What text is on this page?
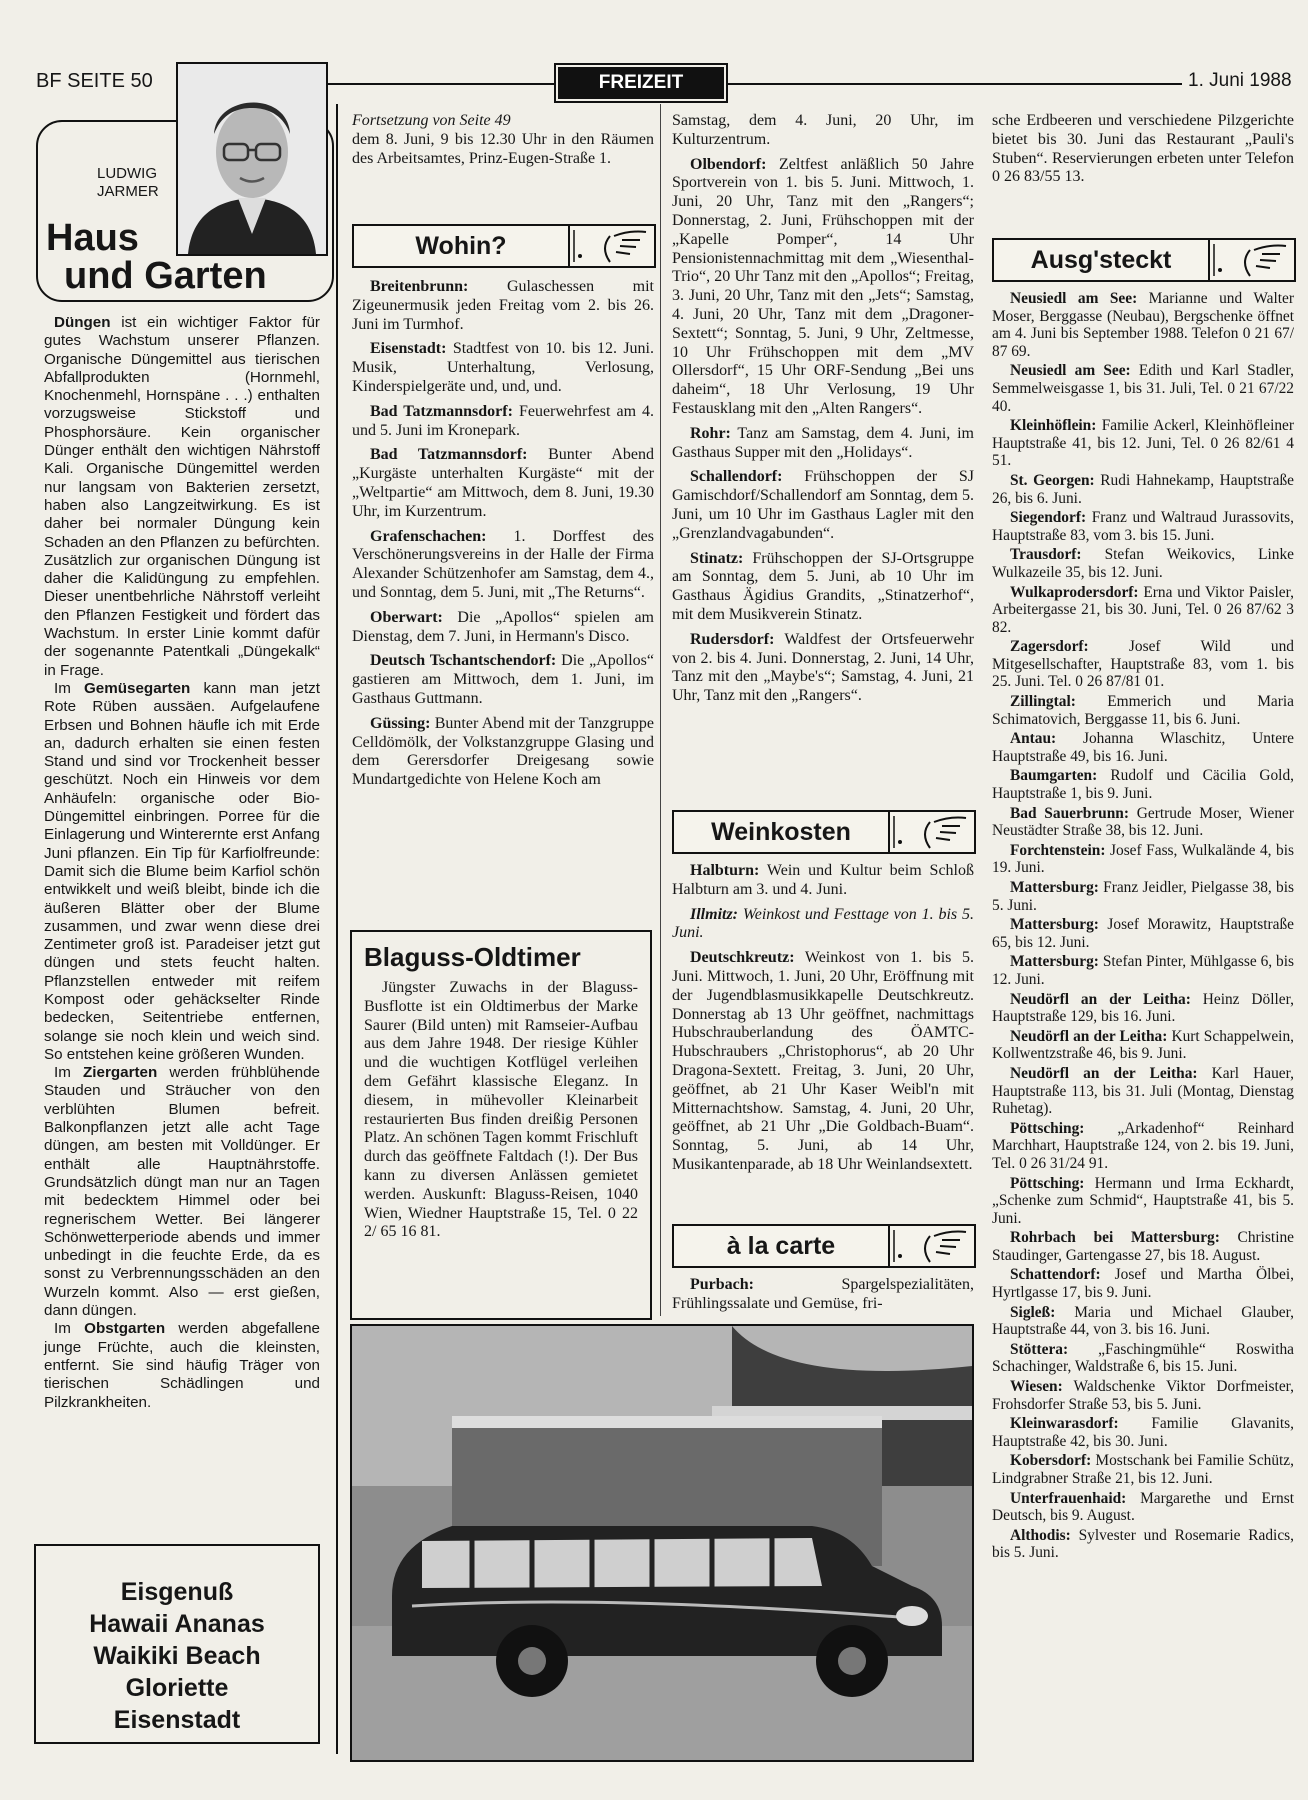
BF SEITE 50	FREIZEIT	1. Juni 1988
LUDWIG
JARMER
Haus
und Garten

Düngen ist ein wichtiger Faktor für gutes Wachstum unserer Pflanzen. Organische Düngemittel aus tierischen Abfallprodukten (Hornmehl, Knochenmehl, Hornspäne . . .) enthalten vorzugsweise Stickstoff und Phosphorsäure. Kein organischer Dünger enthält den wichtigen Nährstoff Kali. Organische Düngemittel werden nur langsam von Bakterien zersetzt, haben also Langzeitwirkung. Es ist daher bei normaler Düngung kein Schaden an den Pflanzen zu befürchten. Zusätzlich zur organischen Düngung ist daher die Kalidüngung zu empfehlen. Dieser unentbehrliche Nährstoff verleiht den Pflanzen Festigkeit und fördert das Wachstum. In erster Linie kommt dafür der sogenannte Patentkali „Düngekalk“ in Frage.

Im Gemüsegarten kann man jetzt Rote Rüben aussäen. Aufgelaufene Erbsen und Bohnen häufle ich mit Erde an, dadurch erhalten sie einen festen Stand und sind vor Trockenheit besser geschützt. Noch ein Hinweis vor dem Anhäufeln: organische oder Bio-Düngemittel einbringen. Porree für die Einlagerung und Winterernte erst Anfang Juni pflanzen. Ein Tip für Karfiolfreunde: Damit sich die Blume beim Karfiol schön entwikkelt und weiß bleibt, binde ich die äußeren Blätter ober der Blume zusammen, und zwar wenn diese drei Zentimeter groß ist. Paradeiser jetzt gut düngen und stets feucht halten. Pflanzstellen entweder mit reifem Kompost oder gehäckselter Rinde bedecken, Seitentriebe entfernen, solange sie noch klein und weich sind. So entstehen keine größeren Wunden.

Im Ziergarten werden frühblühende Stauden und Sträucher von den verblühten Blumen befreit. Balkonpflanzen jetzt alle acht Tage düngen, am besten mit Volldünger. Er enthält alle Hauptnährstoffe. Grundsätzlich düngt man nur an Tagen mit bedecktem Himmel oder bei regnerischem Wetter. Bei längerer Schönwetterperiode abends und immer unbedingt in die feuchte Erde, da es sonst zu Verbrennungsschäden an den Wurzeln kommt. Also — erst gießen, dann düngen.

Im Obstgarten werden abgefallene junge Früchte, auch die kleinsten, entfernt. Sie sind häufig Träger von tierischen Schädlingen und Pilzkrankheiten.

Eisgenuß
Hawaii Ananas
Waikiki Beach
Gloriette
Eisenstadt
Fortsetzung von Seite 49
dem 8. Juni, 9 bis 12.30 Uhr in den Räumen des Arbeitsamtes, Prinz-Eugen-Straße 1.
Wohin?

Breitenbrunn: Gulaschessen mit Zigeunermusik jeden Freitag vom 2. bis 26. Juni im Turmhof.

Eisenstadt: Stadtfest von 10. bis 12. Juni. Musik, Unterhaltung, Verlosung, Kinderspielgeräte und, und, und.

Bad Tatzmannsdorf: Feuerwehrfest am 4. und 5. Juni im Kronepark.

Bad Tatzmannsdorf: Bunter Abend „Kurgäste unterhalten Kurgäste“ mit der „Weltpartie“ am Mittwoch, dem 8. Juni, 19.30 Uhr, im Kurzentrum.

Grafenschachen: 1. Dorffest des Verschönerungsvereins in der Halle der Firma Alexander Schützenhofer am Samstag, dem 4., und Sonntag, dem 5. Juni, mit „The Returns“.

Oberwart: Die „Apollos“ spielen am Dienstag, dem 7. Juni, in Hermann's Disco.

Deutsch Tschantschendorf: Die „Apollos“ gastieren am Mittwoch, dem 1. Juni, im Gasthaus Guttmann.

Güssing: Bunter Abend mit der Tanzgruppe Celldömölk, der Volkstanzgruppe Glasing und dem Gerersdorfer Dreigesang sowie Mundartgedichte von Helene Koch am

Blaguss-Oldtimer
Jüngster Zuwachs in der Blaguss-Busflotte ist ein Oldtimerbus der Marke Saurer (Bild unten) mit Ramseier-Aufbau aus dem Jahre 1948. Der riesige Kühler und die wuchtigen Kotflügel verleihen dem Gefährt klassische Eleganz. In diesem, in mühevoller Kleinarbeit restaurierten Bus finden dreißig Personen Platz. An schönen Tagen kommt Frischluft durch das geöffnete Faltdach (!). Der Bus kann zu diversen Anlässen gemietet werden. Auskunft: Blaguss-Reisen, 1040 Wien, Wiedner Hauptstraße 15, Tel. 0 22 2/ 65 16 81.

Samstag, dem 4. Juni, 20 Uhr, im Kulturzentrum.

Olbendorf: Zeltfest anläßlich 50 Jahre Sportverein von 1. bis 5. Juni. Mittwoch, 1. Juni, 20 Uhr, Tanz mit den „Rangers“; Donnerstag, 2. Juni, Frühschoppen mit der „Kapelle Pomper“, 14 Uhr Pensionistennachmittag mit dem „Wiesenthal-Trio“, 20 Uhr Tanz mit den „Apollos“; Freitag, 3. Juni, 20 Uhr, Tanz mit den „Jets“; Samstag, 4. Juni, 20 Uhr, Tanz mit dem „Dragoner-Sextett“; Sonntag, 5. Juni, 9 Uhr, Zeltmesse, 10 Uhr Frühschoppen mit dem „MV Ollersdorf“, 15 Uhr ORF-Sendung „Bei uns daheim“, 18 Uhr Verlosung, 19 Uhr Festausklang mit den „Alten Rangers“.

Rohr: Tanz am Samstag, dem 4. Juni, im Gasthaus Supper mit den „Holidays“.

Schallendorf: Frühschoppen der SJ Gamischdorf/Schallendorf am Sonntag, dem 5. Juni, um 10 Uhr im Gasthaus Lagler mit den „Grenzlandvagabunden“.

Stinatz: Frühschoppen der SJ-Ortsgruppe am Sonntag, dem 5. Juni, ab 10 Uhr im Gasthaus Ägidius Grandits, „Stinatzerhof“, mit dem Musikverein Stinatz.

Rudersdorf: Waldfest der Ortsfeuerwehr von 2. bis 4. Juni. Donnerstag, 2. Juni, 14 Uhr, Tanz mit den „Maybe's“; Samstag, 4. Juni, 21 Uhr, Tanz mit den „Rangers“.

Weinkosten

Halbturn: Wein und Kultur beim Schloß Halbturn am 3. und 4. Juni.

Illmitz: Weinkost und Festtage von 1. bis 5. Juni.

Deutschkreutz: Weinkost von 1. bis 5. Juni. Mittwoch, 1. Juni, 20 Uhr, Eröffnung mit der Jugendblasmusikkapelle Deutschkreutz. Donnerstag ab 13 Uhr geöffnet, nachmittags Hubschrauberlandung des ÖAMTC-Hubschraubers „Christophorus“, ab 20 Uhr Dragona-Sextett. Freitag, 3. Juni, 20 Uhr, geöffnet, ab 21 Uhr Kaser Weibl'n mit Mitternachtshow. Samstag, 4. Juni, 20 Uhr, geöffnet, ab 21 Uhr „Die Goldbach-Buam“. Sonntag, 5. Juni, ab 14 Uhr, Musikantenparade, ab 18 Uhr Weinlandsextett.

à la carte

Purbach: Spargelspezialitäten, Frühlingssalate und Gemüse, fri-

sche Erdbeeren und verschiedene Pilzgerichte bietet bis 30. Juni das Restaurant „Pauli's Stuben“. Reservierungen erbeten unter Telefon 0 26 83/55 13.
Ausg'steckt

Neusiedl am See: Marianne und Walter Moser, Berggasse (Neubau), Bergschenke öffnet am 4. Juni bis September 1988. Telefon 0 21 67/ 87 69.

Neusiedl am See: Edith und Karl Stadler, Semmelweisgasse 1, bis 31. Juli, Tel. 0 21 67/22 40.

Kleinhöflein: Familie Ackerl, Kleinhöfleiner Hauptstraße 41, bis 12. Juni, Tel. 0 26 82/61 4 51.

St. Georgen: Rudi Hahnekamp, Hauptstraße 26, bis 6. Juni.

Siegendorf: Franz und Waltraud Jurassovits, Hauptstraße 83, vom 3. bis 15. Juni.

Trausdorf: Stefan Weikovics, Linke Wulkazeile 35, bis 12. Juni.

Wulkaprodersdorf: Erna und Viktor Paisler, Arbeitergasse 21, bis 30. Juni, Tel. 0 26 87/62 3 82.

Zagersdorf: Josef Wild und Mitgesellschafter, Hauptstraße 83, vom 1. bis 25. Juni. Tel. 0 26 87/81 01.

Zillingtal: Emmerich und Maria Schimatovich, Berggasse 11, bis 6. Juni.

Antau: Johanna Wlaschitz, Untere Hauptstraße 49, bis 16. Juni.

Baumgarten: Rudolf und Cäcilia Gold, Hauptstraße 1, bis 9. Juni.

Bad Sauerbrunn: Gertrude Moser, Wiener Neustädter Straße 38, bis 12. Juni.

Forchtenstein: Josef Fass, Wulkalände 4, bis 19. Juni.

Mattersburg: Franz Jeidler, Pielgasse 38, bis 5. Juni.

Mattersburg: Josef Morawitz, Hauptstraße 65, bis 12. Juni.

Mattersburg: Stefan Pinter, Mühlgasse 6, bis 12. Juni.

Neudörfl an der Leitha: Heinz Döller, Hauptstraße 129, bis 16. Juni.

Neudörfl an der Leitha: Kurt Schappelwein, Kollwentzstraße 46, bis 9. Juni.

Neudörfl an der Leitha: Karl Hauer, Hauptstraße 113, bis 31. Juli (Montag, Dienstag Ruhetag).

Pöttsching: „Arkadenhof“ Reinhard Marchhart, Hauptstraße 124, von 2. bis 19. Juni, Tel. 0 26 31/24 91.

Pöttsching: Hermann und Irma Eckhardt, „Schenke zum Schmid“, Hauptstraße 41, bis 5. Juni.

Rohrbach bei Mattersburg: Christine Staudinger, Gartengasse 27, bis 18. August.

Schattendorf: Josef und Martha Ölbei, Hyrtlgasse 17, bis 9. Juni.

Sigleß: Maria und Michael Glauber, Hauptstraße 44, von 3. bis 16. Juni.

Stöttera: „Faschingmühle“ Roswitha Schachinger, Waldstraße 6, bis 15. Juni.

Wiesen: Waldschenke Viktor Dorfmeister, Frohsdorfer Straße 53, bis 5. Juni.

Kleinwarasdorf: Familie Glavanits, Hauptstraße 42, bis 30. Juni.

Kobersdorf: Mostschank bei Familie Schütz, Lindgrabner Straße 21, bis 12. Juni.

Unterfrauenhaid: Margarethe und Ernst Deutsch, bis 9. August.

Althodis: Sylvester und Rosemarie Radics, bis 5. Juni.
